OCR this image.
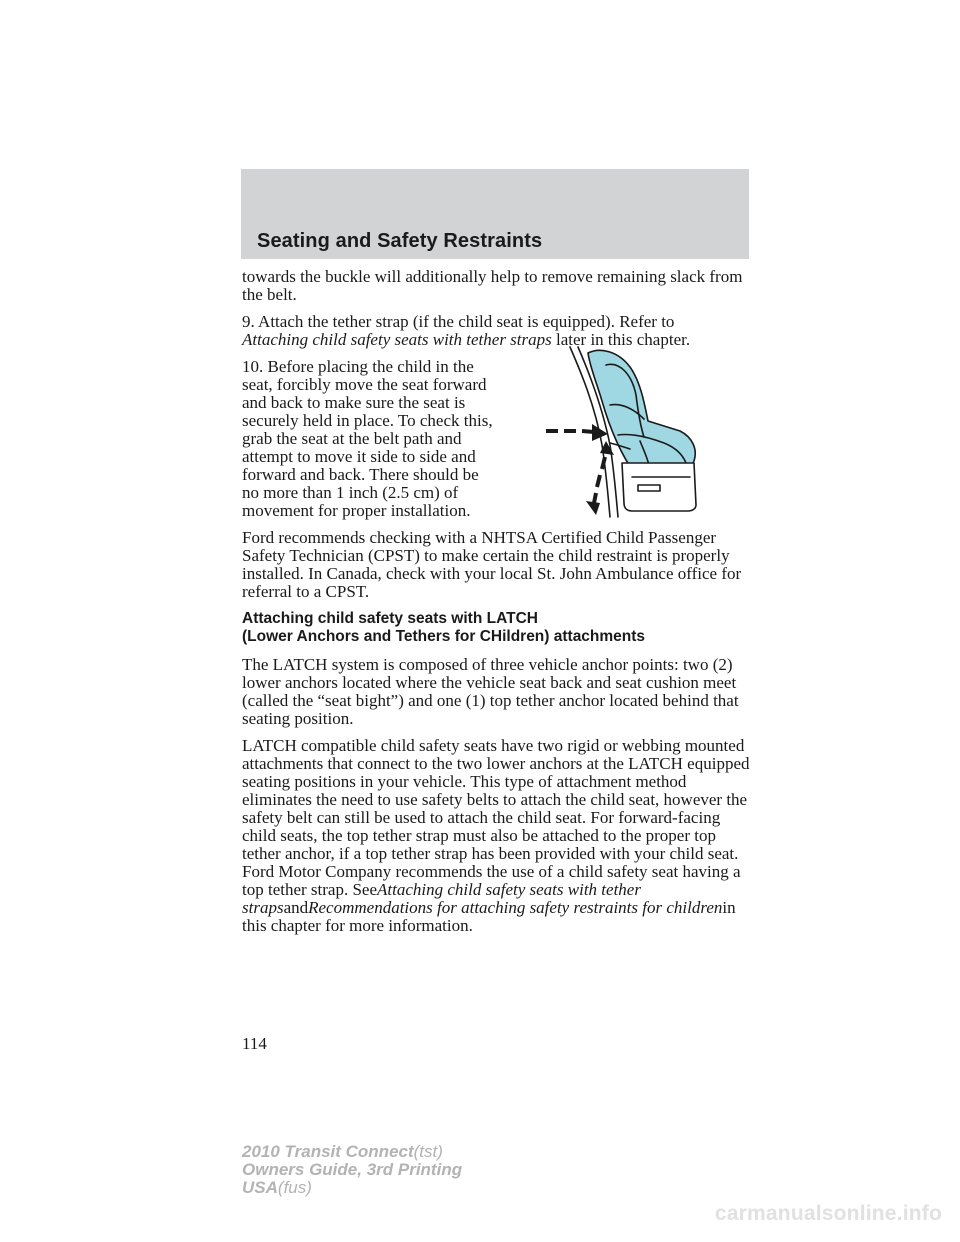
Seating and Safety Restraints

towards the buckle will additionally help to remove remaining slack from the belt.

9. Attach the tether strap (if the child seat is equipped). Refer to
Attaching child safety seats with tether straps later in this chapter.

10. Before placing the child in the seat, forcibly move the seat forward and back to make sure the seat is securely held in place. To check this, grab the seat at the belt path and attempt to move it side to side and forward and back. There should be no more than 1 inch (2.5 cm) of movement for proper installation.

Ford recommends checking with a NHTSA Certified Child Passenger Safety Technician (CPST) to make certain the child restraint is properly installed. In Canada, check with your local St. John Ambulance office for referral to a CPST.

Attaching child safety seats with LATCH
(Lower Anchors and Tethers for CHildren) attachments

The LATCH system is composed of three vehicle anchor points: two (2) lower anchors located where the vehicle seat back and seat cushion meet (called the “seat bight”) and one (1) top tether anchor located behind that seating position.

LATCH compatible child safety seats have two rigid or webbing mounted attachments that connect to the two lower anchors at the LATCH equipped seating positions in your vehicle. This type of attachment method eliminates the need to use safety belts to attach the child seat, however the safety belt can still be used to attach the child seat. For forward-facing child seats, the top tether strap must also be attached to the proper top tether anchor, if a top tether strap has been provided with your child seat. Ford Motor Company recommends the use of a child safety seat having a top tether strap. SeeAttaching child safety seats with tether strapsandRecommendations for attaching safety restraints for childrenin this chapter for more information.

114
2010 Transit Connect(tst)
Owners Guide, 3rd Printing
USA(fus)
carmanualsonline.info
